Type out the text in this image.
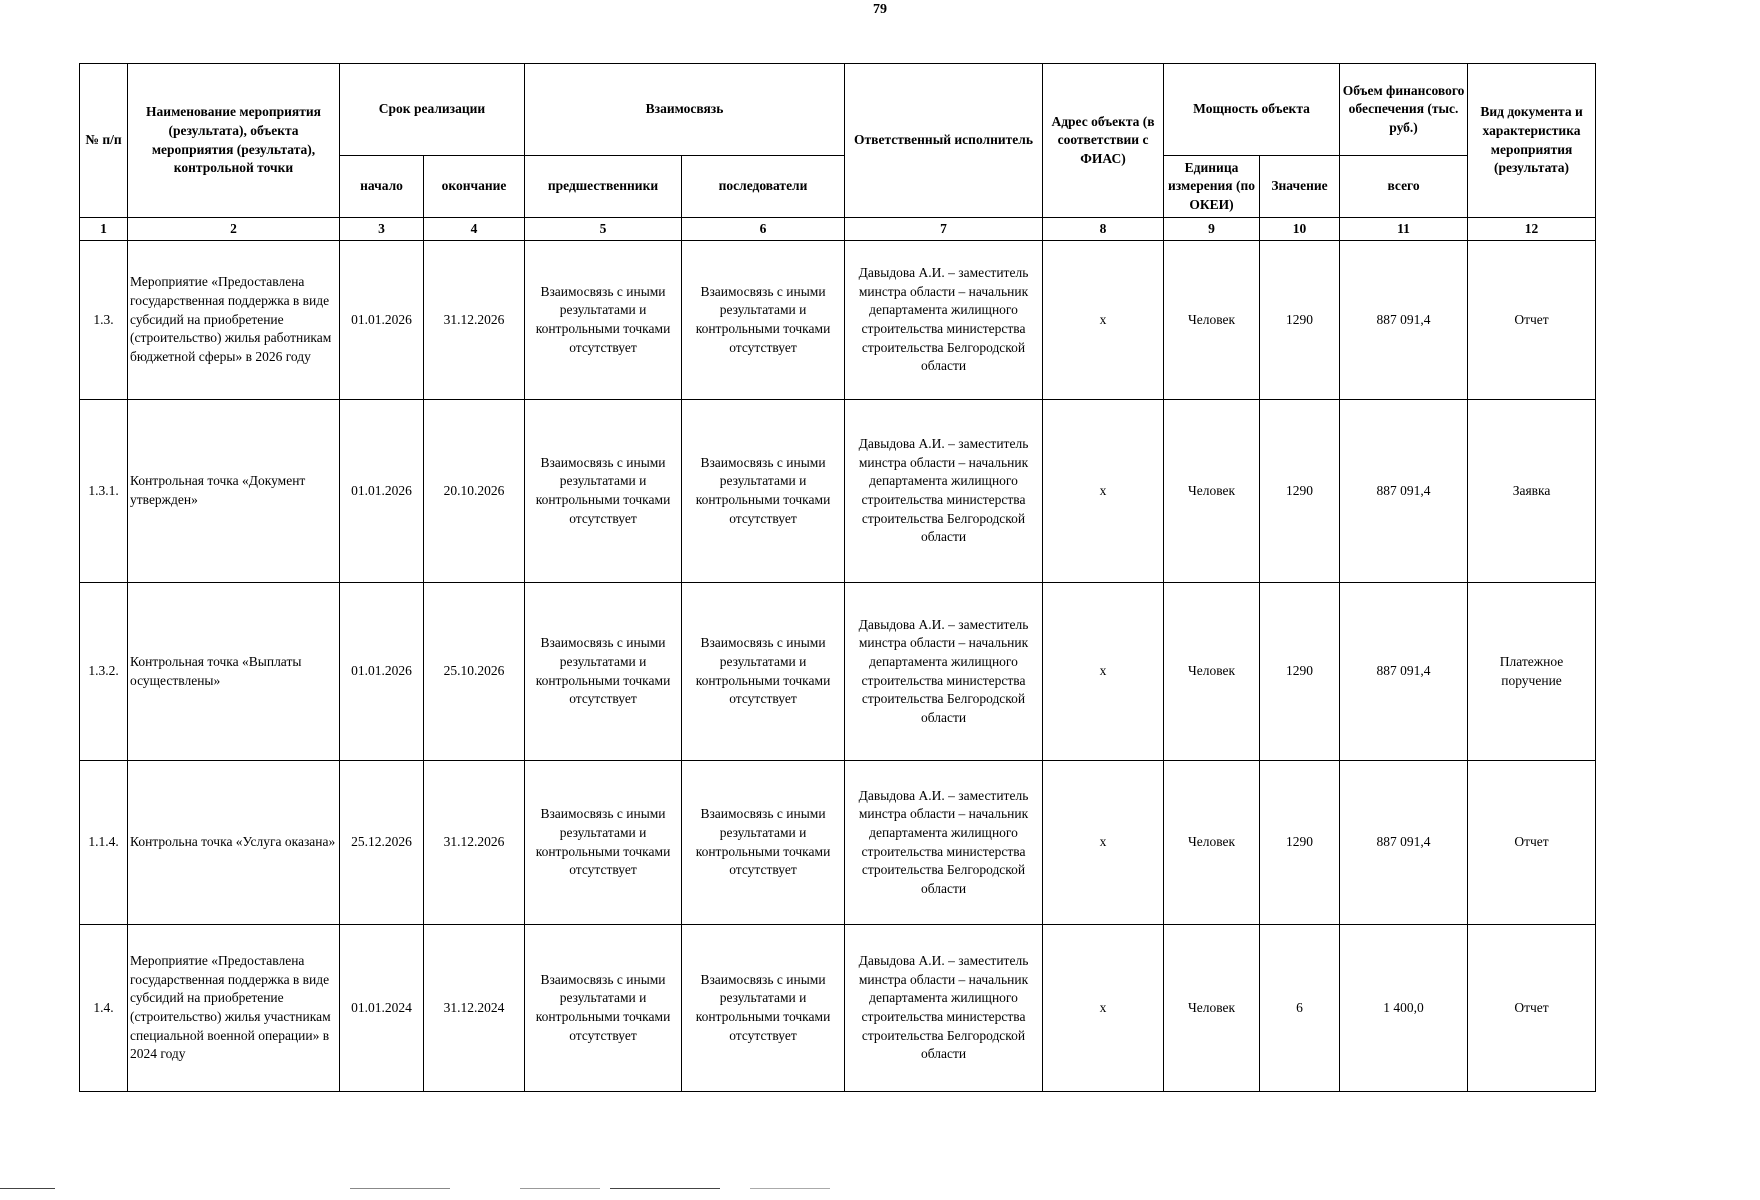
79
№ п/п	Наименование мероприятия (результата), объекта мероприятия (результата), контрольной точки	Срок реализации		Взаимосвязь		Ответственный исполнитель	Адрес объекта (в соответствии с ФИАС)	Мощность объекта		Объем финансового обеспечения (тыс. руб.)	Вид документа и характеристика мероприятия (результата)
		начало	окончание	предшественники	последователи			Единица измерения (по ОКЕИ)	Значение	всего	
1	2	3	4	5	6	7	8	9	10	11	12
1.3.	Мероприятие «Предоставлена государственная поддержка в виде субсидий на приобретение (строительство) жилья работникам бюджетной сферы» в 2026 году	01.01.2026	31.12.2026	Взаимосвязь с иными результатами и контрольными точками отсутствует	Взаимосвязь с иными результатами и контрольными точками отсутствует	Давыдова А.И. – заместитель минстра области – начальник департамента жилищного строительства министерства строительства Белгородской области	х	Человек	1290	887 091,4	Отчет
1.3.1.	Контрольная точка «Документ утвержден»	01.01.2026	20.10.2026	Взаимосвязь с иными результатами и контрольными точками отсутствует	Взаимосвязь с иными результатами и контрольными точками отсутствует	Давыдова А.И. – заместитель минстра области – начальник департамента жилищного строительства министерства строительства Белгородской области	х	Человек	1290	887 091,4	Заявка
1.3.2.	Контрольная точка «Выплаты осуществлены»	01.01.2026	25.10.2026	Взаимосвязь с иными результатами и контрольными точками отсутствует	Взаимосвязь с иными результатами и контрольными точками отсутствует	Давыдова А.И. – заместитель минстра области – начальник департамента жилищного строительства министерства строительства Белгородской области	х	Человек	1290	887 091,4	Платежное поручение
1.1.4.	Контрольна точка «Услуга оказана»	25.12.2026	31.12.2026	Взаимосвязь с иными результатами и контрольными точками отсутствует	Взаимосвязь с иными результатами и контрольными точками отсутствует	Давыдова А.И. – заместитель минстра области – начальник департамента жилищного строительства министерства строительства Белгородской области	х	Человек	1290	887 091,4	Отчет
1.4.	Мероприятие «Предоставлена государственная поддержка в виде субсидий на приобретение (строительство) жилья участникам специальной военной операции» в 2024 году	01.01.2024	31.12.2024	Взаимосвязь с иными результатами и контрольными точками отсутствует	Взаимосвязь с иными результатами и контрольными точками отсутствует	Давыдова А.И. – заместитель минстра области – начальник департамента жилищного строительства министерства строительства Белгородской области	х	Человек	6	1 400,0	Отчет
